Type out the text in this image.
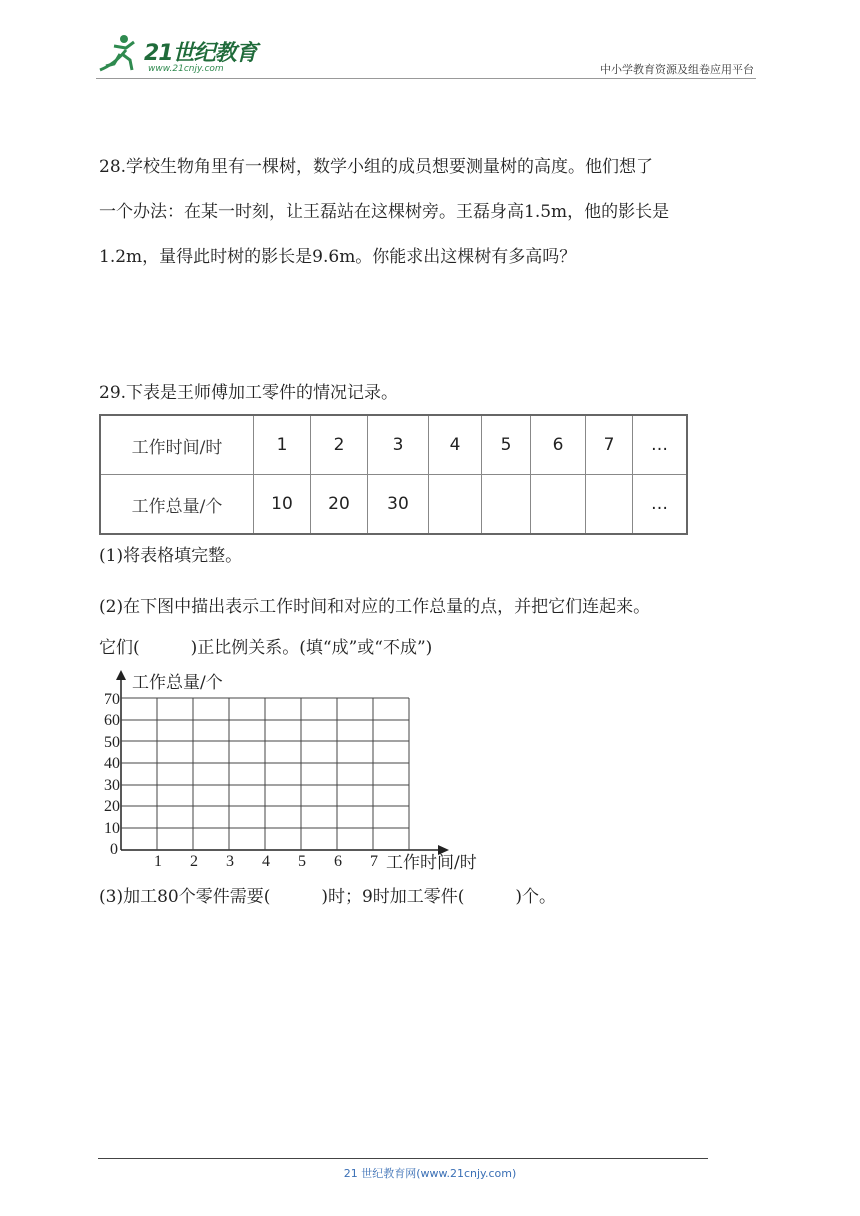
21世纪教育
www.21cnjy.com	中小学教育资源及组卷应用平台
28.学校生物角里有一棵树，数学小组的成员想要测量树的高度。他们想了
一个办法：在某一时刻，让王磊站在这棵树旁。王磊身高1.5m，他的影长是
1.2m，量得此时树的影长是9.6m。你能求出这棵树有多高吗？
29.下表是王师傅加工零件的情况记录。
工作时间/时	1	2	3	4	5	6	7	…
工作总量/个	10	20	30					…
(1)将表格填完整。
(2)在下图中描出表示工作时间和对应的工作总量的点，并把它们连起来。
它们(　　　)正比例关系。(填“成”或“不成”)
工作总量/个
工作时间/时
70
60
50
40
30
20
10
0
1 2 3 4 5 6 7
(3)加工80个零件需要(　　　)时；9时加工零件(　　　)个。
21 世纪教育网(www.21cnjy.com)
